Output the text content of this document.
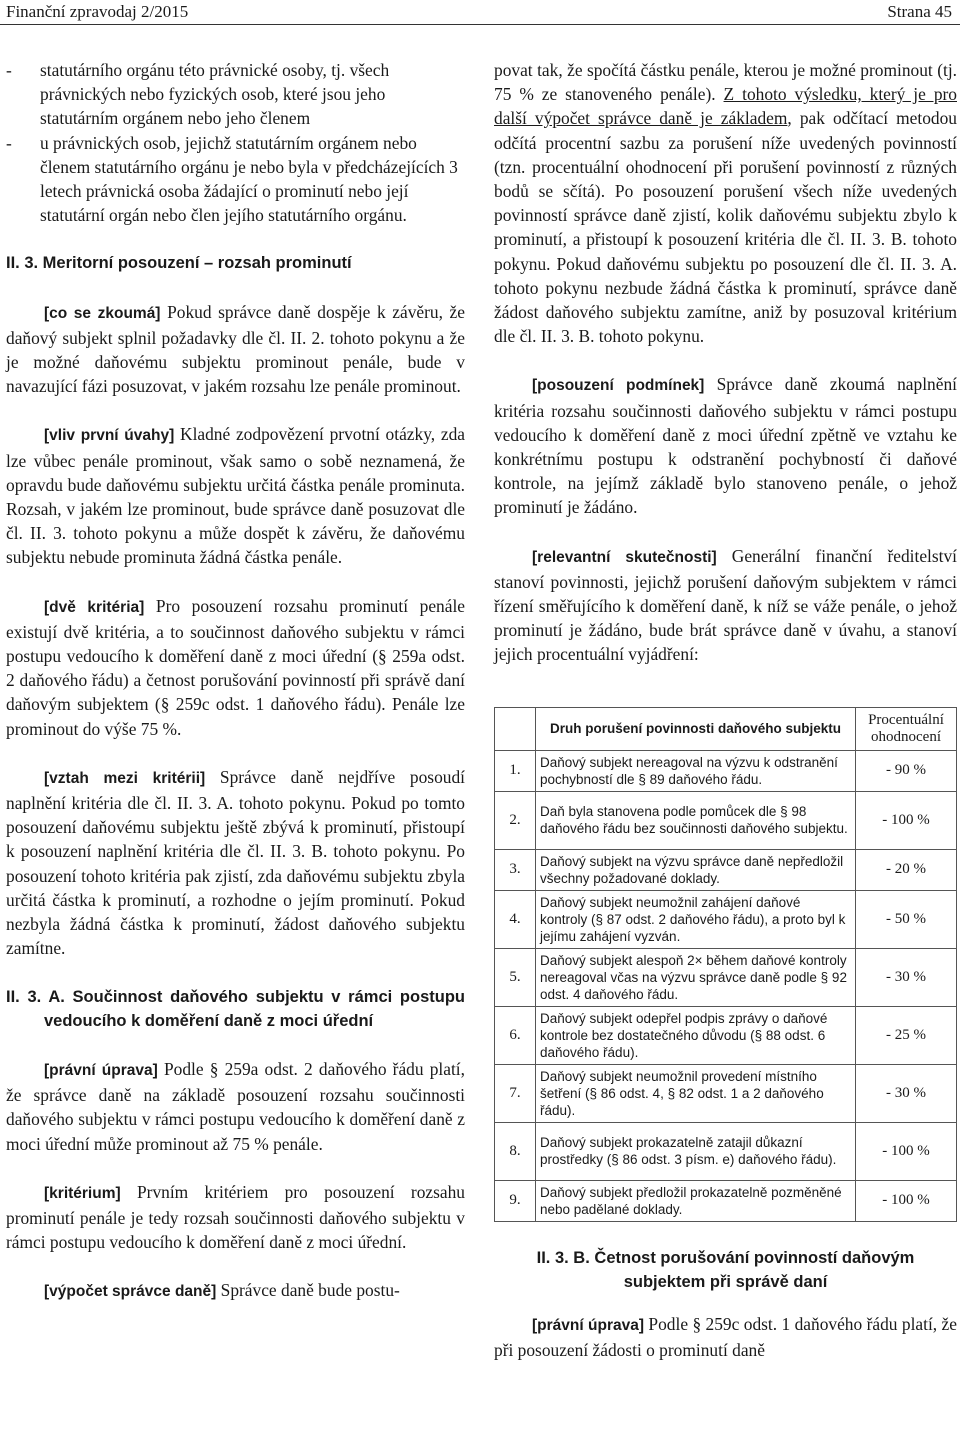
Finanční zpravodaj 2/2015	Strana 45
-	statutárního orgánu této právnické osoby, tj. všech právnických nebo fyzických osob, které jsou jeho statutárním orgánem nebo jeho členem
-	u právnických osob, jejichž statutárním orgánem nebo členem statutárního orgánu je nebo byla v předcházejících 3 letech právnická osoba žádající o prominutí nebo její statutární orgán nebo člen jejího statutárního orgánu.

II. 3. Meritorní posouzení – rozsah prominutí

[co se zkoumá] Pokud správce daně dospěje k závěru, že daňový subjekt splnil požadavky dle čl. II. 2. tohoto pokynu a že je možné daňovému subjektu prominout penále, bude v navazující fázi posuzovat, v jakém rozsahu lze penále prominout.

[vliv první úvahy] Kladné zodpovězení prvotní otázky, zda lze vůbec penále prominout, však samo o sobě neznamená, že opravdu bude daňovému subjektu určitá částka penále prominuta. Rozsah, v jakém lze prominout, bude správce daně posuzovat dle čl. II. 3. tohoto pokynu a může dospět k závěru, že daňovému subjektu nebude prominuta žádná částka penále.

[dvě kritéria] Pro posouzení rozsahu prominutí penále existují dvě kritéria, a to součinnost daňového subjektu v rámci postupu vedoucího k doměření daně z moci úřední (§ 259a odst. 2 daňového řádu) a četnost porušování povinností při správě daní daňovým subjektem (§ 259c odst. 1 daňového řádu). Penále lze prominout do výše 75 %.

[vztah mezi kritérii] Správce daně nejdříve posoudí naplnění kritéria dle čl. II. 3. A. tohoto pokynu. Pokud po tomto posouzení daňovému subjektu ještě zbývá k prominutí, přistoupí k posouzení naplnění kritéria dle čl. II. 3. B. tohoto pokynu. Po posouzení tohoto kritéria pak zjistí, zda daňovému subjektu zbyla určitá částka k prominutí, a rozhodne o jejím prominutí. Pokud nezbyla žádná částka k prominutí, žádost daňového subjektu zamítne.

II. 3. A. Součinnost daňového subjektu v rámci postupu vedoucího k doměření daně z moci úřední

[právní úprava] Podle § 259a odst. 2 daňového řádu platí, že správce daně na základě posouzení rozsahu součinnosti daňového subjektu v rámci postupu vedoucího k doměření daně z moci úřední může prominout až 75 % penále.

[kritérium] Prvním kritériem pro posouzení rozsahu prominutí penále je tedy rozsah součinnosti daňového subjektu v rámci postupu vedoucího k doměření daně z moci úřední.

[výpočet správce daně] Správce daně bude postu-

povat tak, že spočítá částku penále, kterou je možné prominout (tj. 75 % ze stanoveného penále). Z tohoto výsledku, který je pro další výpočet správce daně je základem, pak odčítací metodou odčítá procentní sazbu za porušení níže uvedených povinností (tzn. procentuální ohodnocení při porušení povinností z různých bodů se sčítá). Po posouzení porušení všech níže uvedených povinností správce daně zjistí, kolik daňovému subjektu zbylo k prominutí, a přistoupí k posouzení kritéria dle čl. II. 3. B. tohoto pokynu. Pokud daňovému subjektu po posouzení dle čl. II. 3. A. tohoto pokynu nezbude žádná částka k prominutí, správce daně žádost daňového subjektu zamítne, aniž by posuzoval kritérium dle čl. II. 3. B. tohoto pokynu.

[posouzení podmínek] Správce daně zkoumá naplnění kritéria rozsahu součinnosti daňového subjektu v rámci postupu vedoucího k doměření daně z moci úřední zpětně ve vztahu ke konkrétnímu postupu k odstranění pochybností či daňové kontrole, na jejímž základě bylo stanoveno penále, o jehož prominutí je žádáno.

[relevantní skutečnosti] Generální finanční ředitelství stanoví povinnosti, jejichž porušení daňovým subjektem v rámci řízení směřujícího k doměření daně, k níž se váže penále, o jehož prominutí je žádáno, bude brát správce daně v úvahu, a stanoví jejich procentuální vyjádření:

	Druh porušení povinnosti daňového subjektu	Procentuální ohodnocení
1.	Daňový subjekt nereagoval na výzvu k odstranění pochybností dle § 89 daňového řádu.	- 90 %
2.	Daň byla stanovena podle pomůcek dle § 98 daňového řádu bez součinnosti daňového subjektu.	- 100 %
3.	Daňový subjekt na výzvu správce daně nepředložil všechny požadované doklady.	- 20 %
4.	Daňový subjekt neumožnil zahájení daňové kontroly (§ 87 odst. 2 daňového řádu), a proto byl k jejímu zahájení vyzván.	- 50 %
5.	Daňový subjekt alespoň 2× během daňové kontroly nereagoval včas na výzvu správce daně podle § 92 odst. 4 daňového řádu.	- 30 %
6.	Daňový subjekt odepřel podpis zprávy o daňové kontrole bez dostatečného důvodu (§ 88 odst. 6 daňového řádu).	- 25 %
7.	Daňový subjekt neumožnil provedení místního šetření (§ 86 odst. 4, § 82 odst. 1 a 2 daňového řádu).	- 30 %
8.	Daňový subjekt prokazatelně zatajil důkazní prostředky (§ 86 odst. 3 písm. e) daňového řádu).	- 100 %
9.	Daňový subjekt předložil prokazatelně pozměněné nebo padělané doklady.	- 100 %

II. 3. B. Četnost porušování povinností daňovým subjektem při správě daní

[právní úprava] Podle § 259c odst. 1 daňového řádu platí, že při posouzení žádosti o prominutí daně
